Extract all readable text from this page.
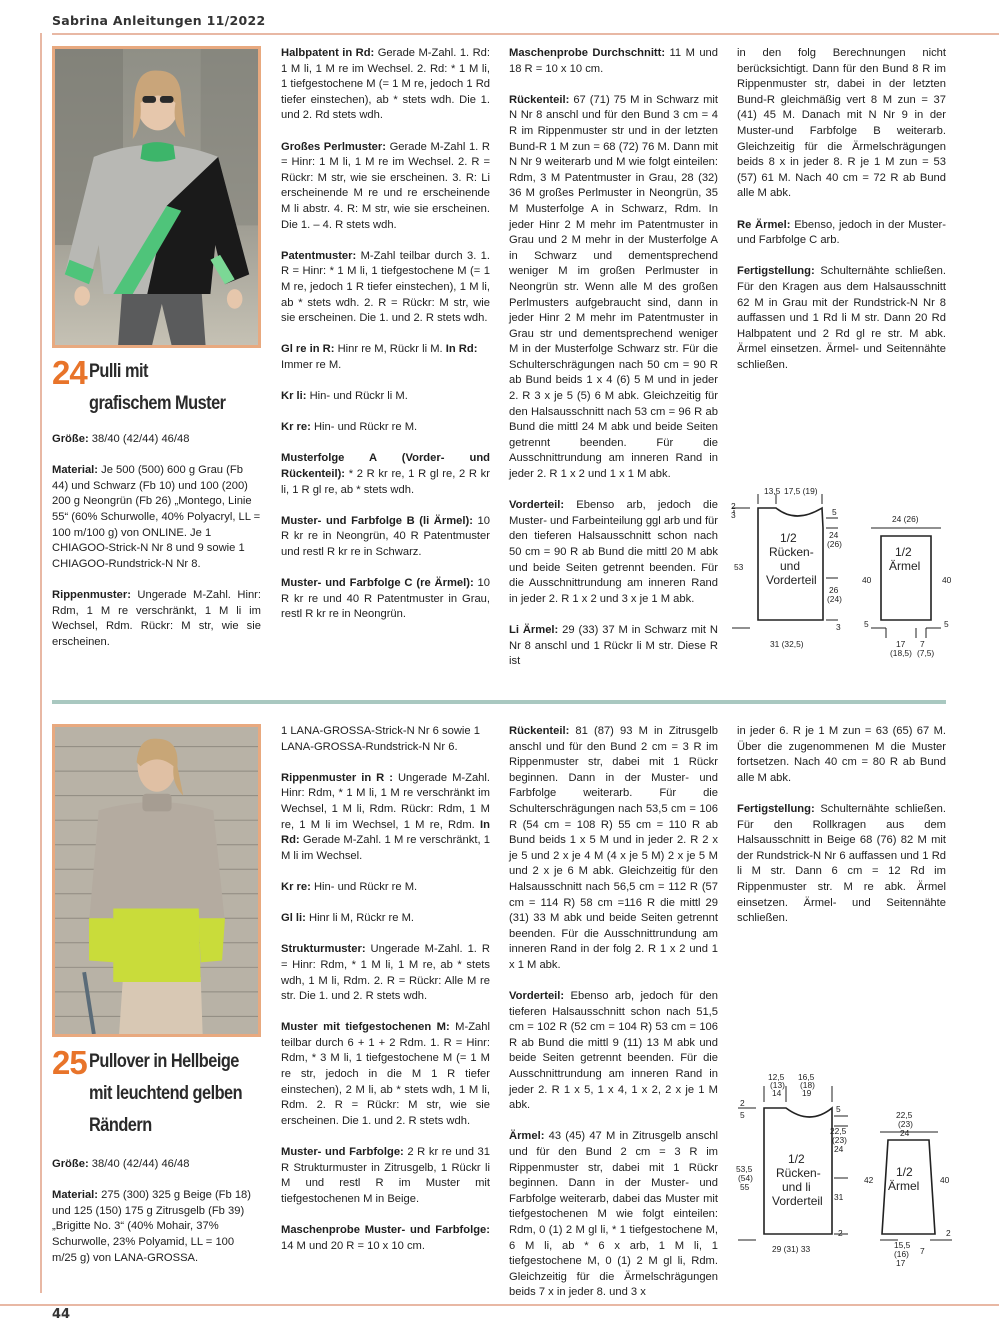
Sabrina Anleitungen 11/2022
44
24 Pulli mit
grafischem Muster

Größe: 38/40 (42/44) 46/48

Material: Je 500 (500) 600 g Grau (Fb 44) und Schwarz (Fb 10) und 100 (200) 200 g Neongrün (Fb 26) „Montego, Linie 55“ (60% Schurwolle, 40% Polyacryl, LL = 100 m/100 g) von ONLINE. Je 1 CHIAGOO-Strick-N Nr 8 und 9 sowie 1 CHIAGOO-Rundstrick-N Nr 8.

Rippenmuster: Ungerade M-Zahl. Hinr: Rdm, 1 M re verschränkt, 1 M li im Wechsel, Rdm. Rückr: M str, wie sie erscheinen.

Halbpatent in Rd: Gerade M-Zahl. 1. Rd: 1 M li, 1 M re im Wechsel. 2. Rd: * 1 M li, 1 tiefgestochene M (= 1 M re, jedoch 1 Rd tiefer einstechen), ab * stets wdh. Die 1. und 2. Rd stets wdh.

Großes Perlmuster: Gerade M-Zahl 1. R = Hinr: 1 M li, 1 M re im Wechsel. 2. R = Rückr: M str, wie sie erscheinen. 3. R: Li erscheinende M re und re erscheinende M li abstr. 4. R: M str, wie sie erscheinen. Die 1. – 4. R stets wdh.

Patentmuster: M-Zahl teilbar durch 3. 1. R = Hinr: * 1 M li, 1 tiefgestochene M (= 1 M re, jedoch 1 R tiefer einstechen), 1 M li, ab * stets wdh. 2. R = Rückr: M str, wie sie erscheinen. Die 1. und 2. R stets wdh.

Gl re in R: Hinr re M, Rückr li M. In Rd: Immer re M.

Kr li: Hin- und Rückr li M.

Kr re: Hin- und Rückr re M.

Musterfolge A (Vorder- und Rückenteil): * 2 R kr re, 1 R gl re, 2 R kr li, 1 R gl re, ab * stets wdh.

Muster- und Farbfolge B (li Ärmel): 10 R kr re in Neongrün, 40 R Patentmuster und restl R kr re in Schwarz.

Muster- und Farbfolge C (re Ärmel): 10 R kr re und 40 R Patentmuster in Grau, restl R kr re in Neongrün.

Maschenprobe Durchschnitt: 11 M und 18 R = 10 x 10 cm.

Rückenteil: 67 (71) 75 M in Schwarz mit N Nr 8 anschl und für den Bund 3 cm = 4 R im Rippenmuster str und in der letzten Bund-R 1 M zun = 68 (72) 76 M. Dann mit N Nr 9 weiterarb und M wie folgt einteilen: Rdm, 3 M Patentmuster in Grau, 28 (32) 36 M großes Perlmuster in Neongrün, 35 M Musterfolge A in Schwarz, Rdm. In jeder Hinr 2 M mehr im Patentmuster in Grau und 2 M mehr in der Musterfolge A in Schwarz und dementsprechend weniger M im großen Perlmuster in Neongrün str. Wenn alle M des großen Perlmusters aufgebraucht sind, dann in jeder Hinr 2 M mehr im Patentmuster in Grau str und dementsprechend weniger M in der Musterfolge Schwarz str. Für die Schulterschrägungen nach 50 cm = 90 R ab Bund beids 1 x 4 (6) 5 M und in jeder 2. R 3 x je 5 (5) 6 M abk. Gleichzeitig für den Halsausschnitt nach 53 cm = 96 R ab Bund die mittl 24 M abk und beide Seiten getrennt beenden. Für die Ausschnittrundung am inneren Rand in jeder 2. R 1 x 2 und 1 x 1 M abk.

Vorderteil: Ebenso arb, jedoch die Muster- und Farbeinteilung ggl arb und für den tieferen Halsausschnitt schon nach 50 cm = 90 R ab Bund die mittl 20 M abk und beide Seiten getrennt beenden. Für die Ausschnittrundung am inneren Rand in jeder 2. R 1 x 2 und 3 x je 1 M abk.

Li Ärmel: 29 (33) 37 M in Schwarz mit N Nr 8 anschl und 1 Rückr li M str. Diese R ist

in den folg Berechnungen nicht berücksichtigt. Dann für den Bund 8 R im Rippenmuster str, dabei in der letzten Bund-R gleichmäßig vert 8 M zun = 37 (41) 45 M. Danach mit N Nr 9 in der Muster-und Farbfolge B weiterarb. Gleichzeitig für die Ärmelschrägungen beids 8 x in jeder 8. R je 1 M zun = 53 (57) 61 M. Nach 40 cm = 72 R ab Bund alle M abk.

Re Ärmel: Ebenso, jedoch in der Muster- und Farbfolge C arb.

Fertigstellung: Schulternähte schließen. Für den Kragen aus dem Halsausschnitt 62 M in Grau mit der Rundstrick-N Nr 8 auffassen und 1 Rd li M str. Dann 20 Rd Halbpatent und 2 Rd gl re str. M abk. Ärmel einsetzen. Ärmel- und Seitennähte schließen.

13,5 17,5 (19)
2
3	5
24
(26)
53
26
(24)
3
31 (32,5)
1/2
Rücken-
und
Vorderteil
24 (26)
40	40
5	5
17
(18,5)
7
(7,5)
1/2
Ärmel
25 Pullover in Hellbeige
mit leuchtend gelben
Rändern

Größe: 38/40 (42/44) 46/48

Material: 275 (300) 325 g Beige (Fb 18) und 125 (150) 175 g Zitrusgelb (Fb 39) „Brigitte No. 3“ (40% Mohair, 37% Schurwolle, 23% Polyamid, LL = 100 m/25 g) von LANA-GROSSA.

1 LANA-GROSSA-Strick-N Nr 6 sowie 1 LANA-GROSSA-Rundstrick-N Nr 6.

Rippenmuster in R : Ungerade M-Zahl. Hinr: Rdm, * 1 M li, 1 M re verschränkt im Wechsel, 1 M li, Rdm. Rückr: Rdm, 1 M re, 1 M li im Wechsel, 1 M re, Rdm. In Rd: Gerade M-Zahl. 1 M re verschränkt, 1 M li im Wechsel.

Kr re: Hin- und Rückr re M.

Gl li: Hinr li M, Rückr re M.

Strukturmuster: Ungerade M-Zahl. 1. R = Hinr: Rdm, * 1 M li, 1 M re, ab * stets wdh, 1 M li, Rdm. 2. R = Rückr: Alle M re str. Die 1. und 2. R stets wdh.

Muster mit tiefgestochenen M: M-Zahl teilbar durch 6 + 1 + 2 Rdm. 1. R = Hinr: Rdm, * 3 M li, 1 tiefgestochene M (= 1 M re str, jedoch in die M 1 R tiefer einstechen), 2 M li, ab * stets wdh, 1 M li, Rdm. 2. R = Rückr: M str, wie sie erscheinen. Die 1. und 2. R stets wdh.

Muster- und Farbfolge: 2 R kr re und 31 R Strukturmuster in Zitrusgelb, 1 Rückr li M und restl R im Muster mit tiefgestochenen M in Beige.

Maschenprobe Muster- und Farbfolge: 14 M und 20 R = 10 x 10 cm.

Rückenteil: 81 (87) 93 M in Zitrusgelb anschl und für den Bund 2 cm = 3 R im Rippenmuster str, dabei mit 1 Rückr beginnen. Dann in der Muster- und Farbfolge weiterarb. Für die Schulterschrägungen nach 53,5 cm = 106 R (54 cm = 108 R) 55 cm = 110 R ab Bund beids 1 x 5 M und in jeder 2. R 2 x je 5 und 2 x je 4 M (4 x je 5 M) 2 x je 5 M und 2 x je 6 M abk. Gleichzeitig für den Halsausschnitt nach 56,5 cm = 112 R (57 cm = 114 R) 58 cm =116 R die mittl 29 (31) 33 M abk und beide Seiten getrennt beenden. Für die Ausschnittrundung am inneren Rand in der folg 2. R 1 x 2 und 1 x 1 M abk.

Vorderteil: Ebenso arb, jedoch für den tieferen Halsausschnitt schon nach 51,5 cm = 102 R (52 cm = 104 R) 53 cm = 106 R ab Bund die mittl 9 (11) 13 M abk und beide Seiten getrennt beenden. Für die Ausschnittrundung am inneren Rand in jeder 2. R 1 x 5, 1 x 4, 1 x 2, 2 x je 1 M abk.

Ärmel: 43 (45) 47 M in Zitrusgelb anschl und für den Bund 2 cm = 3 R im Rippenmuster str, dabei mit 1 Rückr beginnen. Dann in der Muster- und Farbfolge weiterarb, dabei das Muster mit tiefgestochenen M wie folgt einteilen: Rdm, 0 (1) 2 M gl li, * 1 tiefgestochene M, 6 M li, ab * 6 x arb, 1 M li, 1 tiefgestochene M, 0 (1) 2 M gl li, Rdm. Gleichzeitig für die Ärmelschrägungen beids 7 x in jeder 8. und 3 x

in jeder 6. R je 1 M zun = 63 (65) 67 M. Über die zugenommenen M die Muster fortsetzen. Nach 40 cm = 80 R ab Bund alle M abk.

Fertigstellung: Schulternähte schließen. Für den Rollkragen aus dem Halsausschnitt in Beige 68 (76) 82 M mit der Rundstrick-N Nr 6 auffassen und 1 Rd li M str. Dann 6 cm = 12 Rd im Rippenmuster str. M re abk. Ärmel einsetzen. Ärmel- und Seitennähte schließen.

12,5
(13)
14
16,5
(18)
19
2
5
5
22,5
(23)
24
53,5
(54)
55
31
2
29 (31) 33
1/2
Rücken-
und li
Vorderteil
22,5
(23)
24
42	40
2
15,5
(16)
17
7
1/2
Ärmel
